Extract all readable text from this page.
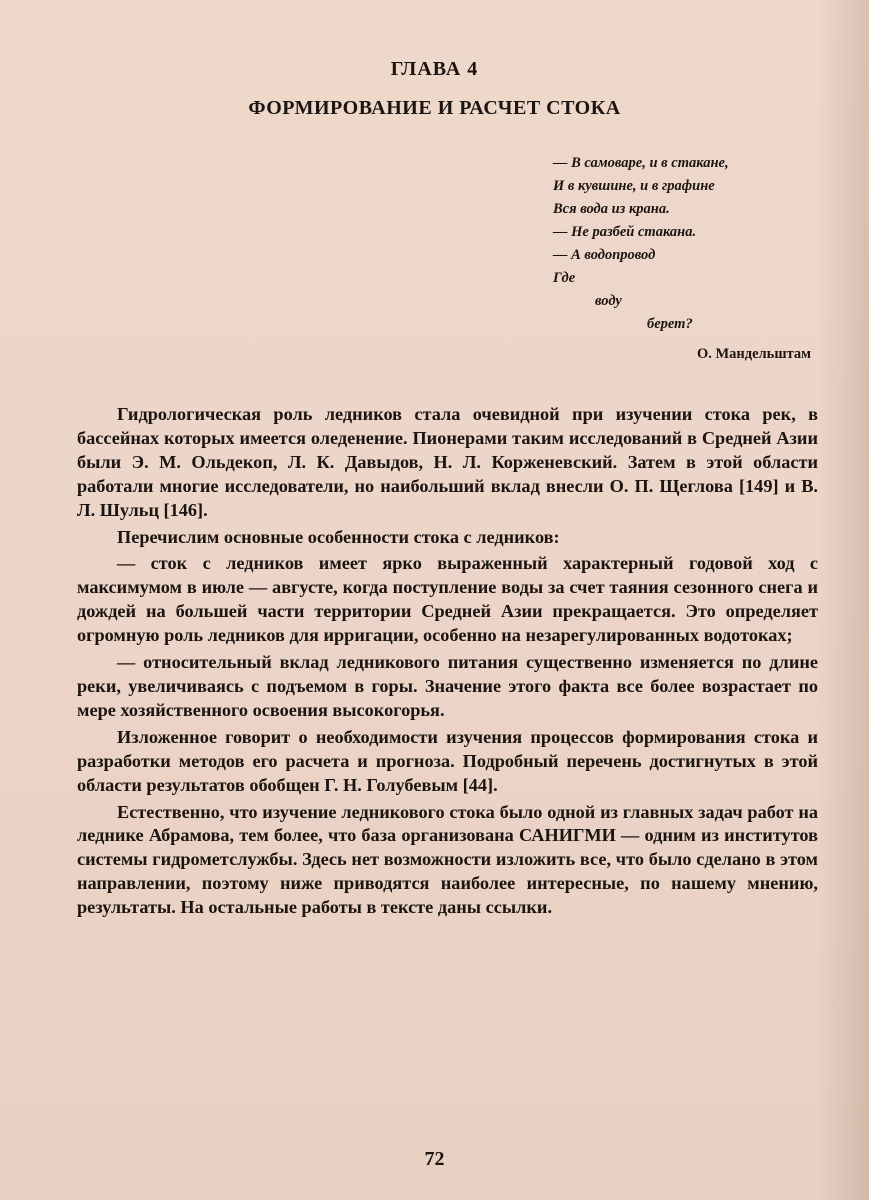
ГЛАВА 4
ФОРМИРОВАНИЕ И РАСЧЕТ СТОКА
— В самоваре, и в стакане,
И в кувшине, и в графине
Вся вода из крана.
— Не разбей стакана.
— А водопровод
Где
воду
берет?
О. Мандельштам

Гидрологическая роль ледников стала очевидной при изучении стока рек, в бассейнах которых имеется оледенение. Пионерами таким исследований в Средней Азии были Э. М. Ольдекоп, Л. К. Давыдов, Н. Л. Корженевский. Затем в этой области работали многие исследователи, но наибольший вклад внесли О. П. Щеглова [149] и В. Л. Шульц [146].

Перечислим основные особенности стока с ледников:

— сток с ледников имеет ярко выраженный характерный годовой ход с максимумом в июле — августе, когда поступление воды за счет таяния сезонного снега и дождей на большей части территории Средней Азии прекращается. Это определяет огромную роль ледников для ирригации, особенно на незарегулированных водотоках;

— относительный вклад ледникового питания существенно изменяется по длине реки, увеличиваясь с подъемом в горы. Значение этого факта все более возрастает по мере хозяйственного освоения высокогорья.

Изложенное говорит о необходимости изучения процессов формирования стока и разработки методов его расчета и прогноза. Подробный перечень достигнутых в этой области результатов обобщен Г. Н. Голубевым [44].

Естественно, что изучение ледникового стока было одной из главных задач работ на леднике Абрамова, тем более, что база организована САНИГМИ — одним из институтов системы гидрометслужбы. Здесь нет возможности изложить все, что было сделано в этом направлении, поэтому ниже приводятся наиболее интересные, по нашему мнению, результаты. На остальные работы в тексте даны ссылки.

72
